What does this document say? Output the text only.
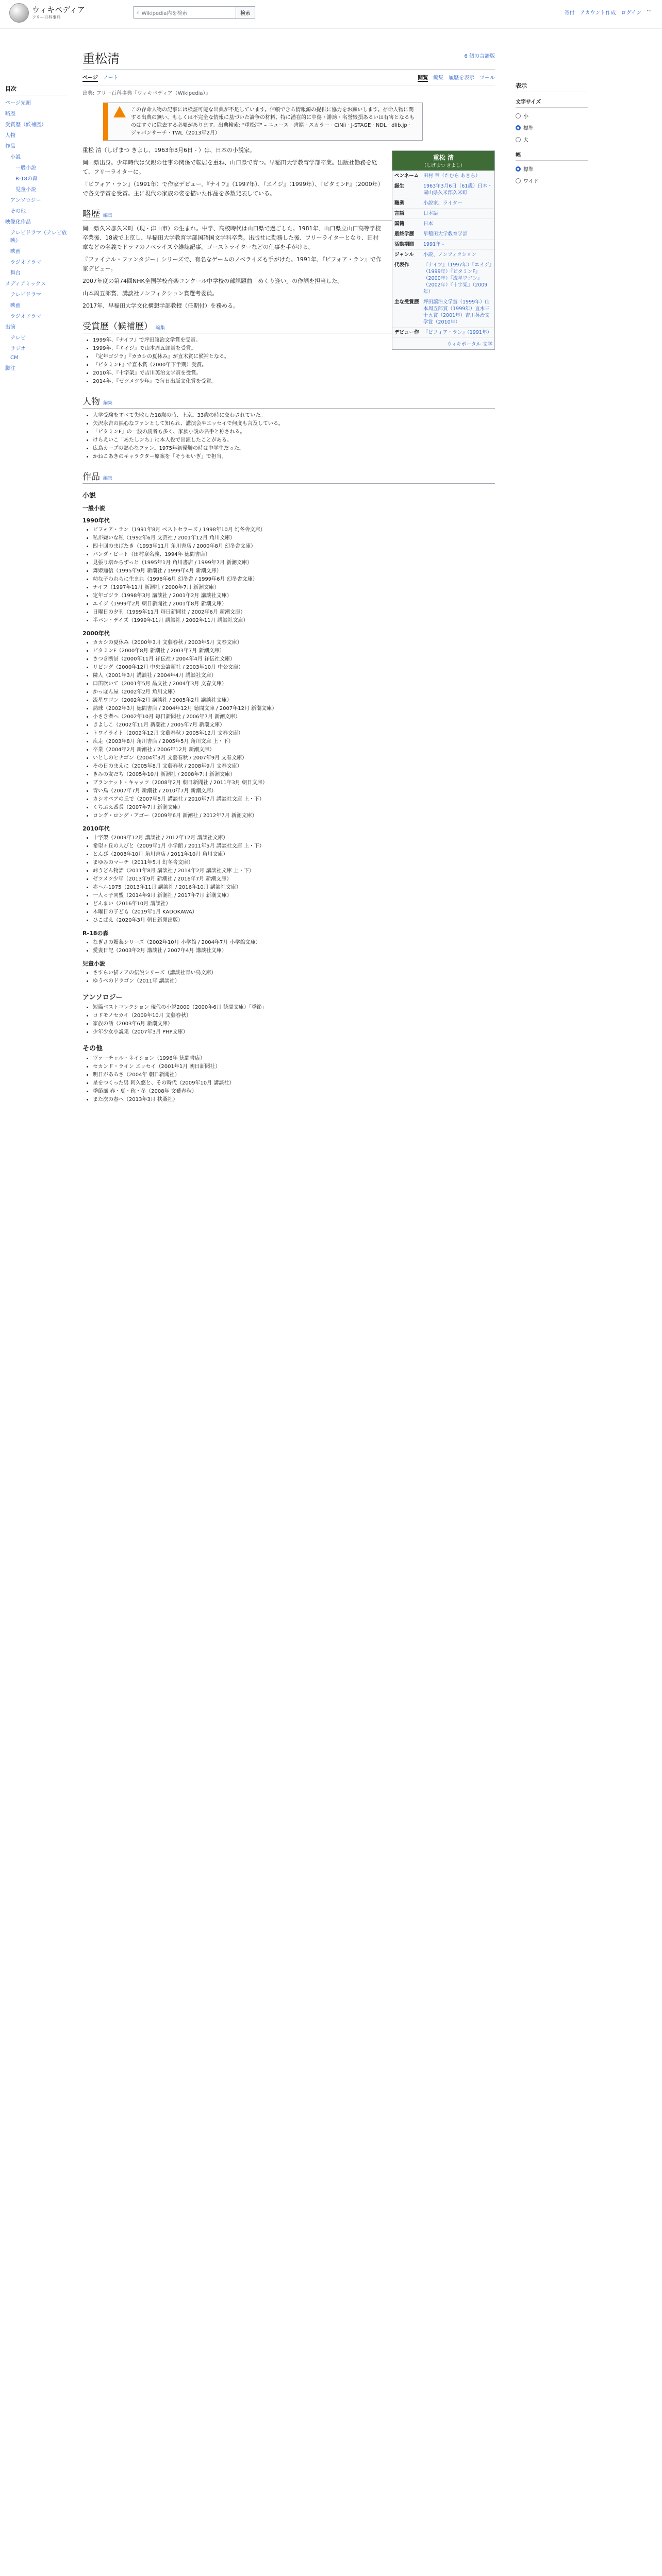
ウィキペディア
フリー百科事典
⌕ Wikipedia内を検索	検索	寄付 アカウント作成 ログイン ⋯
目次
ページ先頭
略歴
受賞歴（候補歴）
人物
作品
小説
一般小説
R-18の森
児童小説
アンソロジー
その他
映像化作品
テレビドラマ（テレビ放映）
映画
ラジオドラマ
舞台
メディアミックス
テレビドラマ
映画
ラジオドラマ
出演
テレビ
ラジオ
CM
脚注
表示
文字サイズ
小
標準
大
幅
標準
ワイド
重松清	6 個の言語版
ページ ノート	閲覧 編集 履歴を表示 ツール
出典: フリー百科事典『ウィキペディア（Wikipedia）』
この存命人物の記事には検証可能な出典が不足しています。信頼できる情報源の提供に協力をお願いします。存命人物に関する出典の無い、もしくは不完全な情報に基づいた論争の材料、特に潜在的に中傷・誹謗・名誉毀損あるいは有害となるものはすぐに除去する必要があります。出典検索: "重松清" – ニュース · 書籍 · スカラー · CiNii · J-STAGE · NDL · dlib.jp · ジャパンサーチ · TWL（2013年2月）
重松 清
（しげまつ きよし）
ペンネーム 田村 章（たむら あきら）
誕生	1963年3月6日（61歳）日本・岡山県久米郡久米町
職業	小説家、ライター
言語	日本語
国籍	日本
最終学歴	早稲田大学教育学部
活動期間	1991年 -
ジャンル	小説、ノンフィクション
代表作	『ナイフ』（1997年）『エイジ』（1999年）『ビタミンF』（2000年）『流星ワゴン』（2002年）『十字架』（2009年）
主な受賞歴 坪田譲治文学賞（1999年）山本周五郎賞（1999年）直木三十五賞（2001年）吉川英治文学賞（2010年）
デビュー作 『ビフォア・ラン』（1991年）
ウィキポータル 文学

重松 清（しげまつ きよし、1963年3月6日 - ）は、日本の小説家。

岡山県出身。少年時代は父親の仕事の関係で転居を重ね、山口県で育つ。早稲田大学教育学部卒業。出版社勤務を経て、フリーライターに。

『ビフォア・ラン』（1991年）で作家デビュー。『ナイフ』（1997年）、『エイジ』（1999年）、『ビタミンF』（2000年）で各文学賞を受賞。主に現代の家族の姿を描いた作品を多数発表している。

略歴 編集

岡山県久米郡久米町（現・津山市）の生まれ。中学、高校時代は山口県で過ごした。1981年、山口県立山口高等学校卒業後、18歳で上京し、早稲田大学教育学部国語国文学科卒業。出版社に勤務した後、フリーライターとなり、田村章などの名義でドラマのノベライズや雑誌記事、ゴーストライターなどの仕事を手がける。

『ファイナル・ファンタジー』シリーズで、有名なゲームのノベライズも手がけた。1991年、『ビフォア・ラン』で作家デビュー。

2007年度の第74回NHK全国学校音楽コンクール中学校の部課題曲「めくり逢い」の作詞を担当した。

山本周五郎賞、講談社ノンフィクション賞選考委員。

2017年、早稲田大学文化構想学部教授（任期付）を務める。

受賞歴（候補歴） 編集
• 1999年、『ナイフ』で坪田譲治文学賞を受賞。
• 1999年、『エイジ』で山本周五郎賞を受賞。
• 『定年ゴジラ』『カカシの夏休み』が直木賞に候補となる。
• 『ビタミンF』で直木賞（2000年下半期）受賞。
• 2010年、『十字架』で吉川英治文学賞を受賞。
• 2014年、『ゼツメツ少年』で毎日出版文化賞を受賞。
人物 編集
• 大学受験をすべて失敗した18歳の時、上京。33歳の時に交わされていた。
• 矢沢永吉の熱心なファンとして知られ、講演会やエッセイで何度も言及している。
• 「ビタミンF」の一般の読者も多く、家族小説の名手と称される。
• けらえいこ「あたしンち」に本人役で出演したことがある。
• 広島カープの熱心なファン。1975年初優勝の時は中学生だった。
• かねこあきのキャラクター原案を「そうせいぎ」で担当。
作品 編集
小説
一般小説
1990年代
• ビフォア・ラン（1991年8月 ベストセラーズ / 1998年10月 幻冬舎文庫）
• 私が嫌いな私（1992年6月 文芸社 / 2001年12月 角川文庫）
• 四十回のまばたき（1993年11月 角川書店 / 2000年8月 幻冬舎文庫）
• パンダ・ビート（田村章名義、1994年 徳間書店）
• 見張り塔からずっと（1995年1月 角川書店 / 1999年7月 新潮文庫）
• 舞姫通信（1995年9月 新潮社 / 1999年4月 新潮文庫）
• 幼な子われらに生まれ（1996年6月 幻冬舎 / 1999年6月 幻冬舎文庫）
• ナイフ（1997年11月 新潮社 / 2000年7月 新潮文庫）
• 定年ゴジラ（1998年3月 講談社 / 2001年2月 講談社文庫）
• エイジ（1999年2月 朝日新聞社 / 2001年8月 新潮文庫）
• 日曜日の夕刊（1999年11月 毎日新聞社 / 2002年6月 新潮文庫）
• 半パン・デイズ（1999年11月 講談社 / 2002年11月 講談社文庫）
2000年代
• カカシの夏休み（2000年3月 文藝春秋 / 2003年5月 文春文庫）
• ビタミンF（2000年8月 新潮社 / 2003年7月 新潮文庫）
• さつき断景（2000年11月 祥伝社 / 2004年4月 祥伝社文庫）
• リビング（2000年12月 中央公論新社 / 2003年10月 中公文庫）
• 隣人（2001年3月 講談社 / 2004年4月 講談社文庫）
• 口笛吹いて（2001年5月 晶文社 / 2004年3月 文春文庫）
• かっぽん屋（2002年2月 角川文庫）
• 流星ワゴン（2002年2月 講談社 / 2005年2月 講談社文庫）
• 熱球（2002年3月 徳間書店 / 2004年12月 徳間文庫 / 2007年12月 新潮文庫）
• 小さき者へ（2002年10月 毎日新聞社 / 2006年7月 新潮文庫）
• きよしこ（2002年11月 新潮社 / 2005年7月 新潮文庫）
• トワイライト（2002年12月 文藝春秋 / 2005年12月 文春文庫）
• 疾走（2003年8月 角川書店 / 2005年5月 角川文庫 上・下）
• 卒業（2004年2月 新潮社 / 2006年12月 新潮文庫）
• いとしのヒナゴン（2004年3月 文藝春秋 / 2007年9月 文春文庫）
• その日のまえに（2005年8月 文藝春秋 / 2008年9月 文春文庫）
• きみの友だち（2005年10月 新潮社 / 2008年7月 新潮文庫）
• ブランケット・キャッツ（2008年2月 朝日新聞社 / 2011年3月 朝日文庫）
• 青い鳥（2007年7月 新潮社 / 2010年7月 新潮文庫）
• カシオペアの丘で（2007年5月 講談社 / 2010年7月 講談社文庫 上・下）
• くちぶえ番長（2007年7月 新潮文庫）
• ロング・ロング・アゴー（2009年6月 新潮社 / 2012年7月 新潮文庫）
2010年代
• 十字架（2009年12月 講談社 / 2012年12月 講談社文庫）
• 希望ヶ丘の人びと（2009年1月 小学館 / 2011年5月 講談社文庫 上・下）
• とんび（2008年10月 角川書店 / 2011年10月 角川文庫）
• まゆみのマーチ（2011年5月 幻冬舎文庫）
• 峠うどん物語（2011年8月 講談社 / 2014年2月 講談社文庫 上・下）
• ゼツメツ少年（2013年9月 新潮社 / 2016年7月 新潮文庫）
• 赤ヘル1975（2013年11月 講談社 / 2016年10月 講談社文庫）
• 一人っ子同盟（2014年9月 新潮社 / 2017年7月 新潮文庫）
• どんまい（2016年10月 講談社）
• 木曜日の子ども（2019年1月 KADOKAWA）
• ひこばえ（2020年3月 朝日新聞出版）
R-18の森
• なぎさの媚薬シリーズ（2002年10月 小学館 / 2004年7月 小学館文庫）
• 愛妻日記（2003年2月 講談社 / 2007年4月 講談社文庫）
児童小説
• さすらい猫ノアの伝説シリーズ（講談社青い鳥文庫）
• ゆうべのドラゴン（2011年 講談社）
アンソロジー
• 短篇ベストコレクション 現代の小説2000（2000年6月 徳間文庫）「季節」
• コドモノセカイ（2009年10月 文藝春秋）
• 家族の話（2003年6月 新潮文庫）
• 少年少女小説集（2007年3月 PHP文庫）
その他
• ヴァーチャル・ネイション（1996年 徳間書店）
• セカンド・ライン エッセイ（2001年1月 朝日新聞社）
• 明日があるさ（2004年 朝日新聞社）
• 星をつくった男 阿久悠と、その時代（2009年10月 講談社）
• 季節風 春・夏・秋・冬（2008年 文藝春秋）
• また次の春へ（2013年3月 扶桑社）
